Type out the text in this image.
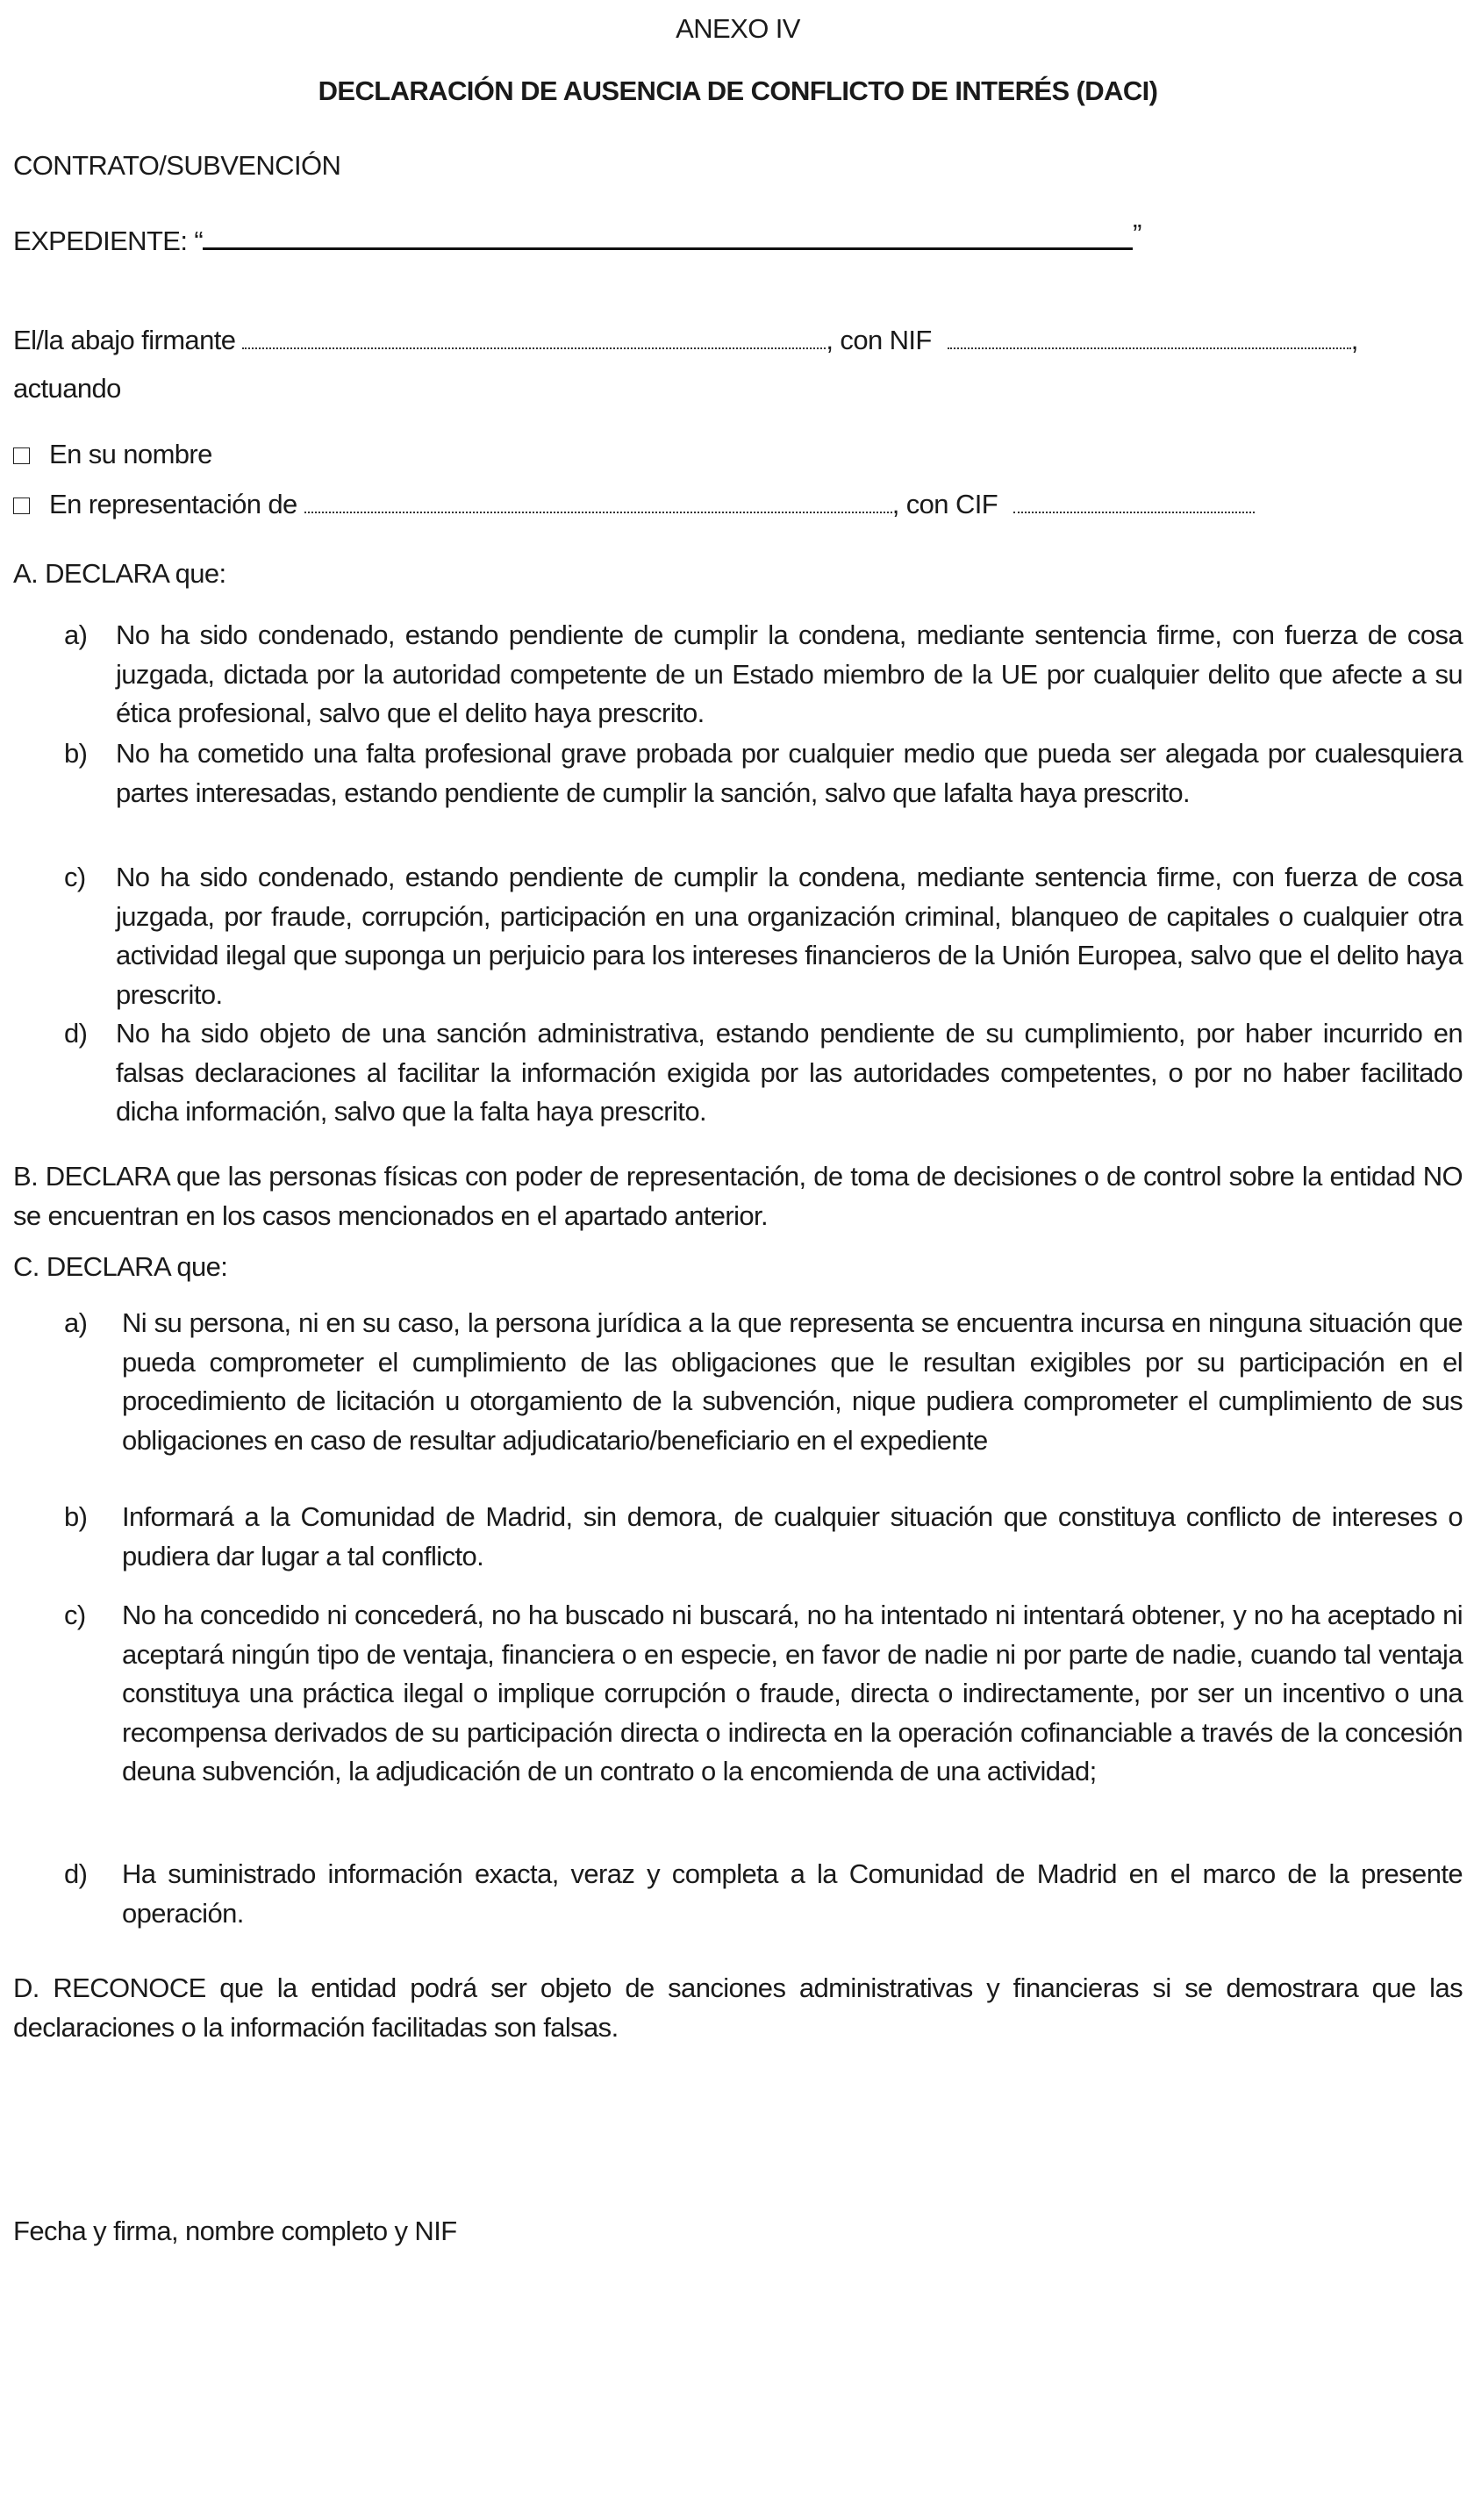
ANEXO IV
DECLARACIÓN DE AUSENCIA DE CONFLICTO DE INTERÉS (DACI)
CONTRATO/SUBVENCIÓN
EXPEDIENTE: “	”
El/la abajo firmante	, con NIF	,
actuando
En su nombre
En representación de	, con CIF
A. DECLARA que:
a) No ha sido condenado, estando pendiente de cumplir la condena, mediante sentencia firme, con fuerza de cosa juzgada, dictada por la autoridad competente de un Estado miembro de la UE por cualquier delito que afecte a su ética profesional, salvo que el delito haya prescrito.
b) No ha cometido una falta profesional grave probada por cualquier medio que pueda ser alegada por cualesquiera partes interesadas, estando pendiente de cumplir la sanción, salvo que lafalta haya prescrito.
c) No ha sido condenado, estando pendiente de cumplir la condena, mediante sentencia firme, con fuerza de cosa juzgada, por fraude, corrupción, participación en una organización criminal, blanqueo de capitales o cualquier otra actividad ilegal que suponga un perjuicio para los intereses financieros de la Unión Europea, salvo que el delito haya prescrito.
d) No ha sido objeto de una sanción administrativa, estando pendiente de su cumplimiento, por haber incurrido en falsas declaraciones al facilitar la información exigida por las autoridades competentes, o por no haber facilitado dicha información, salvo que la falta haya prescrito.
B. DECLARA que las personas físicas con poder de representación, de toma de decisiones o de control sobre la entidad NO se encuentran en los casos mencionados en el apartado anterior.
C. DECLARA que:
a) Ni su persona, ni en su caso, la persona jurídica a la que representa se encuentra incursa en ninguna situación que pueda comprometer el cumplimiento de las obligaciones que le resultan exigibles por su participación en el procedimiento de licitación u otorgamiento de la subvención, nique pudiera comprometer el cumplimiento de sus obligaciones en caso de resultar adjudicatario/beneficiario en el expediente
b) Informará a la Comunidad de Madrid, sin demora, de cualquier situación que constituya conflicto de intereses o pudiera dar lugar a tal conflicto.
c) No ha concedido ni concederá, no ha buscado ni buscará, no ha intentado ni intentará obtener, y no ha aceptado ni aceptará ningún tipo de ventaja, financiera o en especie, en favor de nadie ni por parte de nadie, cuando tal ventaja constituya una práctica ilegal o implique corrupción o fraude, directa o indirectamente, por ser un incentivo o una recompensa derivados de su participación directa o indirecta en la operación cofinanciable a través de la concesión deuna subvención, la adjudicación de un contrato o la encomienda de una actividad;
d) Ha suministrado información exacta, veraz y completa a la Comunidad de Madrid en el marco de la presente operación.
D. RECONOCE que la entidad podrá ser objeto de sanciones administrativas y financieras si se demostrara que las declaraciones o la información facilitadas son falsas.
Fecha y firma, nombre completo y NIF
